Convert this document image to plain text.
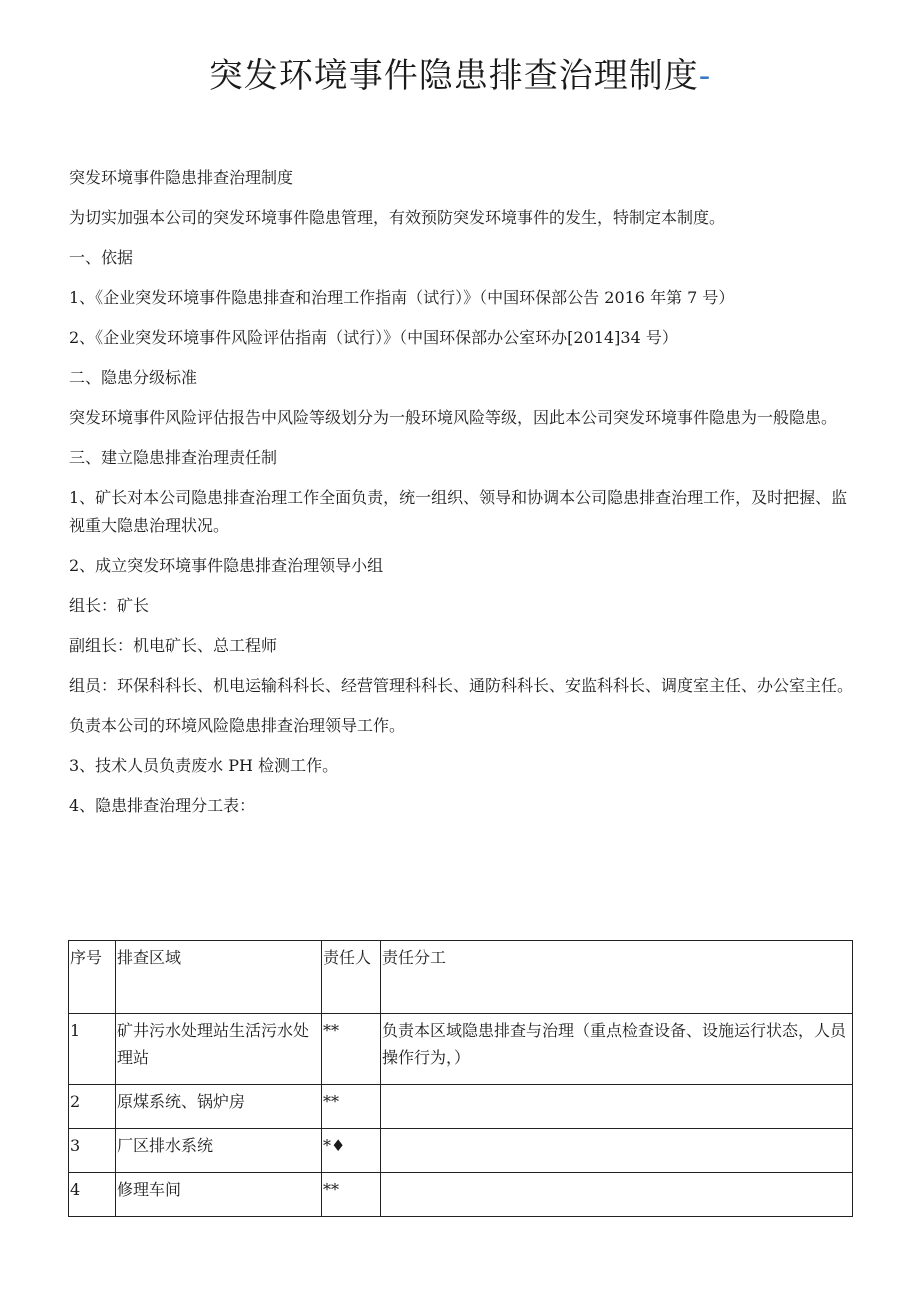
突发环境事件隐患排查治理制度-

突发环境事件隐患排查治理制度

为切实加强本公司的突发环境事件隐患管理，有效预防突发环境事件的发生，特制定本制度。

一、依据

1、《企业突发环境事件隐患排查和治理工作指南（试行）》（中国环保部公告 2016 年第 7 号）

2、《企业突发环境事件风险评估指南（试行）》（中国环保部办公室环办[2014]34 号）

二、隐患分级标准

突发环境事件风险评估报告中风险等级划分为一般环境风险等级，因此本公司突发环境事件隐患为一般隐患。

三、建立隐患排查治理责任制

1、矿长对本公司隐患排查治理工作全面负责，统一组织、领导和协调本公司隐患排查治理工作，及时把握、监视重大隐患治理状况。

2、成立突发环境事件隐患排查治理领导小组

组长：矿长

副组长：机电矿长、总工程师

组员：环保科科长、机电运输科科长、经营管理科科长、通防科科长、安监科科长、调度室主任、办公室主任。

负责本公司的环境风险隐患排查治理领导工作。

3、技术人员负责废水 PH 检测工作。

4、隐患排查治理分工表：

序号	排查区域	责任人	责任分工
1	矿井污水处理站生活污水处理站	**	负责本区域隐患排查与治理（重点检查设备、设施运行状态，人员操作行为，）
2	原煤系统、锅炉房	**	
3	厂区排水系统	*♦	
4	修理车间	**	
